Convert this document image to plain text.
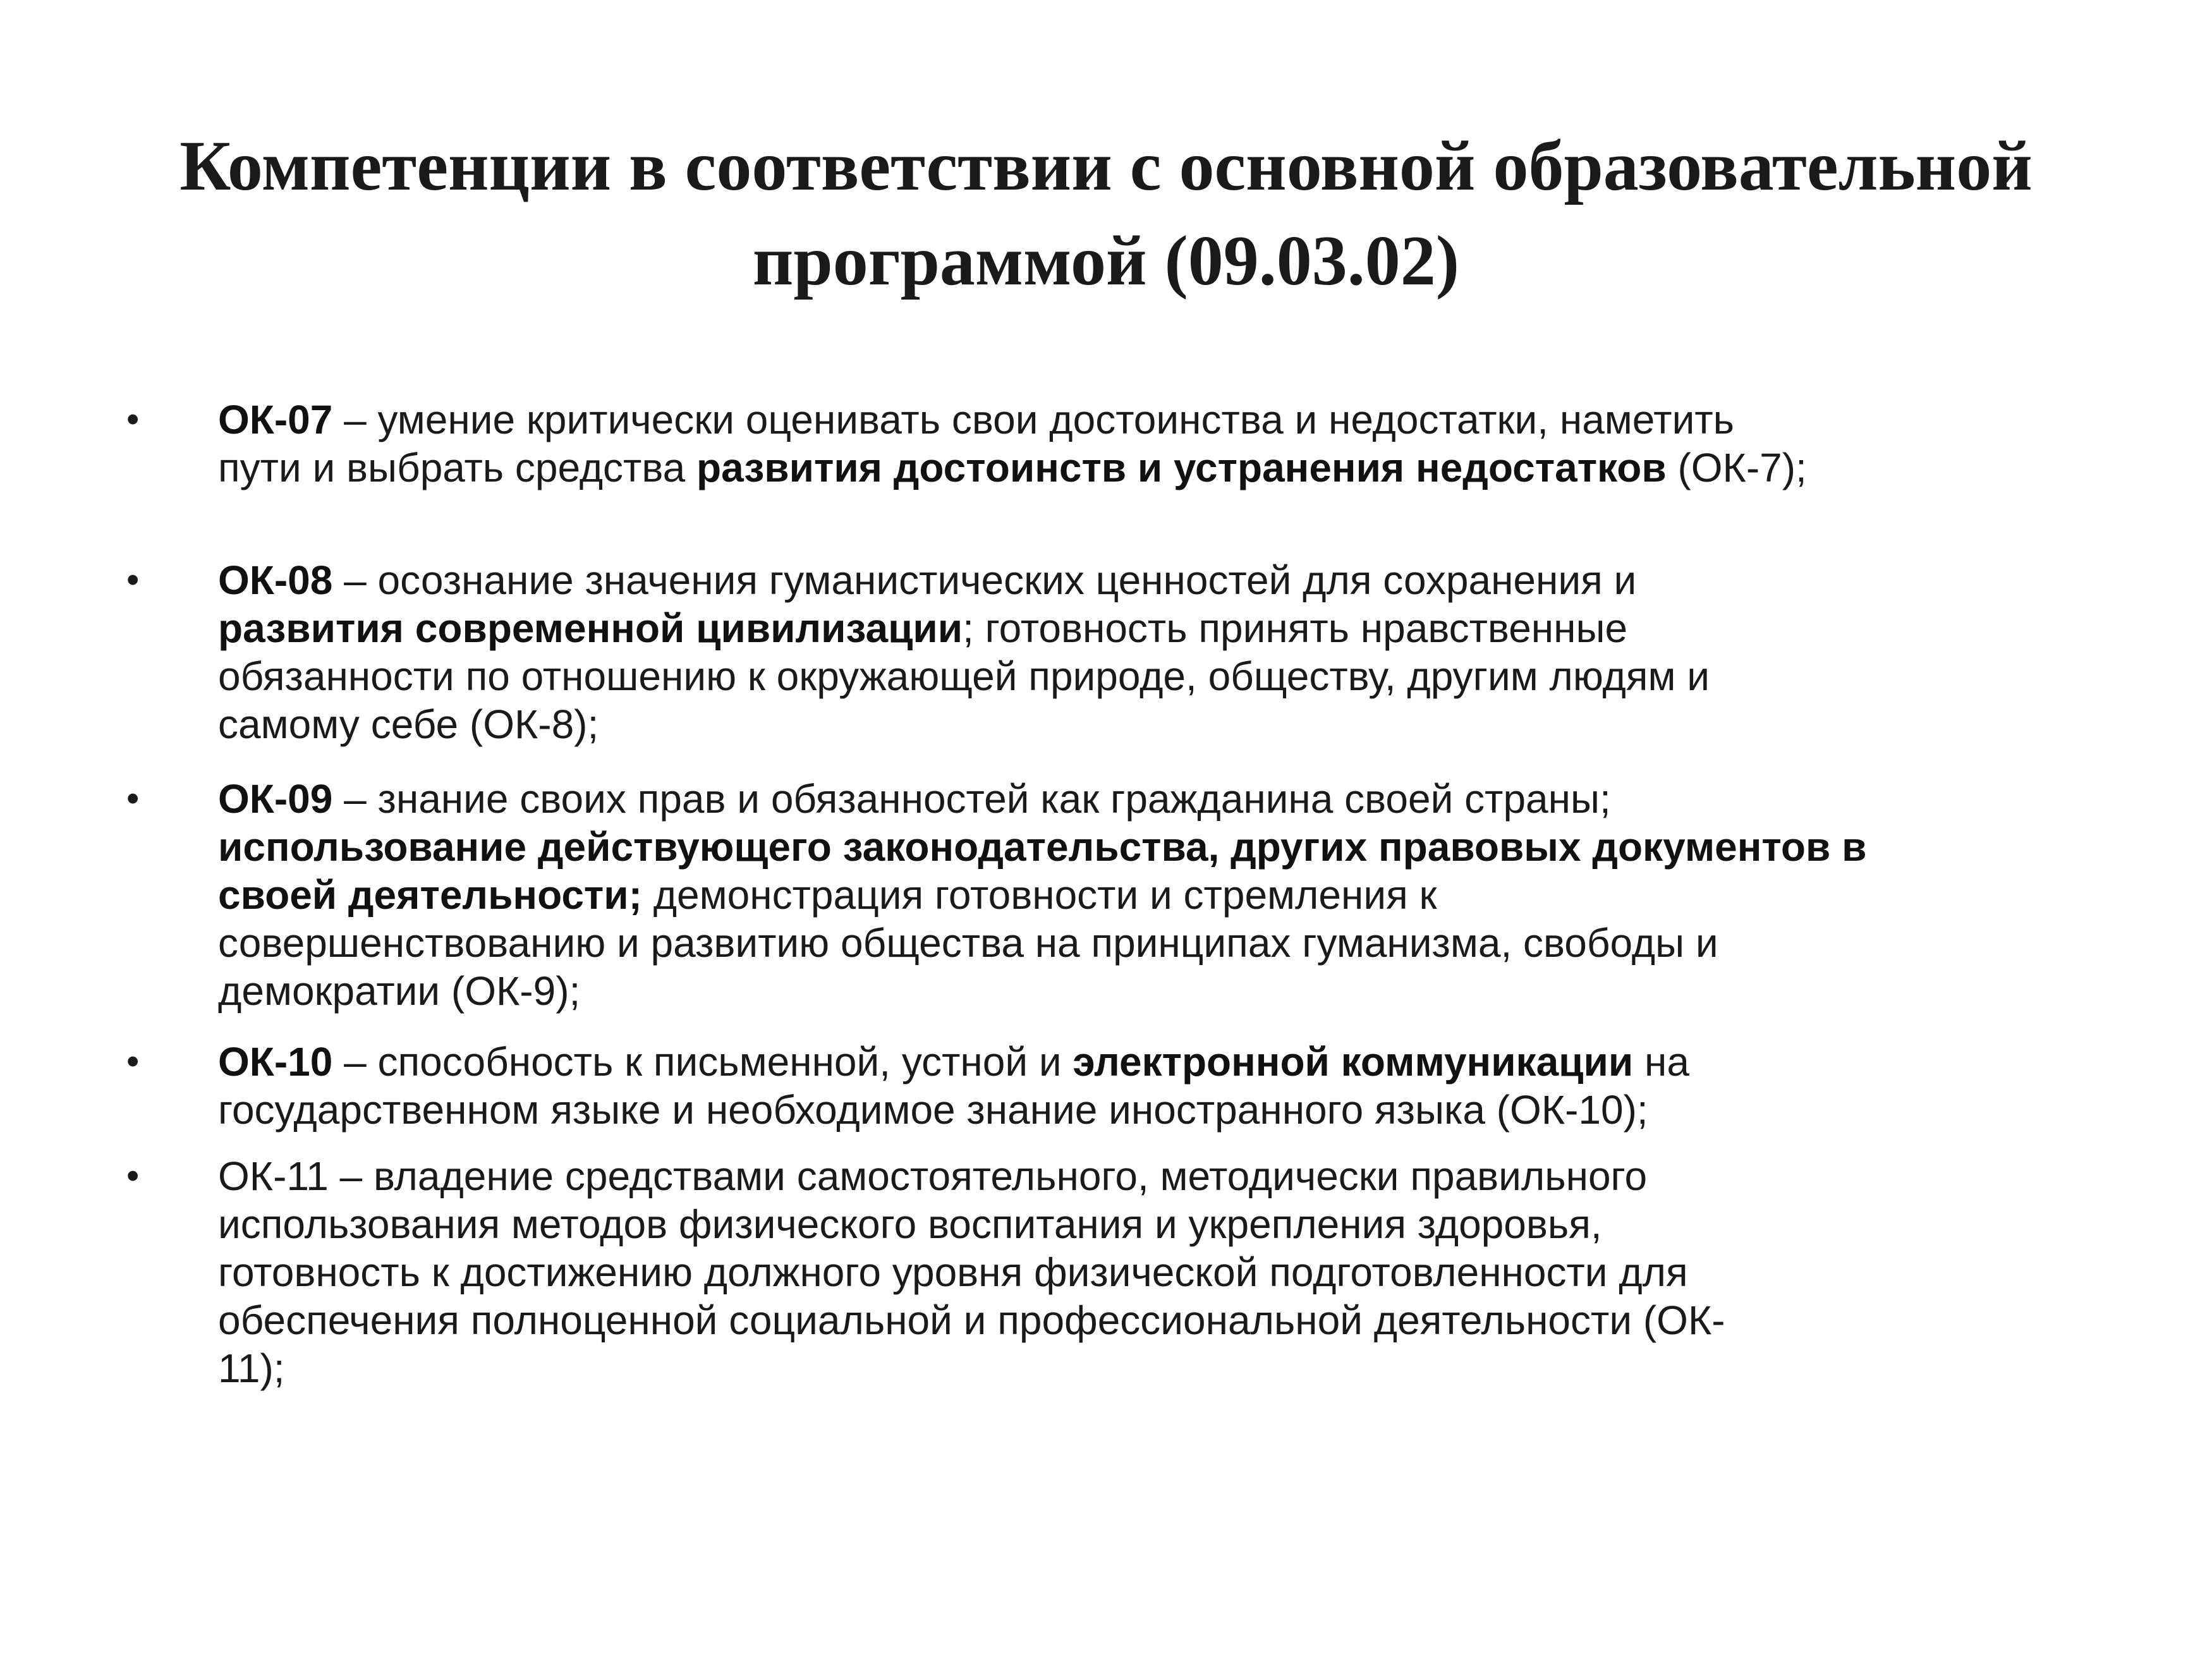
Компетенции в соответствии с основной образовательной
программой (09.03.02)
•	ОК-07 – умение критически оценивать свои достоинства и недостатки, наметить
пути и выбрать средства развития достоинств и устранения недостатков (ОК-7);
•	ОК-08 – осознание значения гуманистических ценностей для сохранения и
развития современной цивилизации; готовность принять нравственные
обязанности по отношению к окружающей природе, обществу, другим людям и
самому себе (ОК-8);
•	ОК-09 – знание своих прав и обязанностей как гражданина своей страны;
использование действующего законодательства, других правовых документов в
своей деятельности; демонстрация готовности и стремления к
совершенствованию и развитию общества на принципах гуманизма, свободы и
демократии (ОК-9);
•	ОК-10 – способность к письменной, устной и электронной коммуникации на
государственном языке и необходимое знание иностранного языка (ОК-10);
•	ОК-11 – владение средствами самостоятельного, методически правильного
использования методов физического воспитания и укрепления здоровья,
готовность к достижению должного уровня физической подготовленности для
обеспечения полноценной социальной и профессиональной деятельности (ОК-
11);
